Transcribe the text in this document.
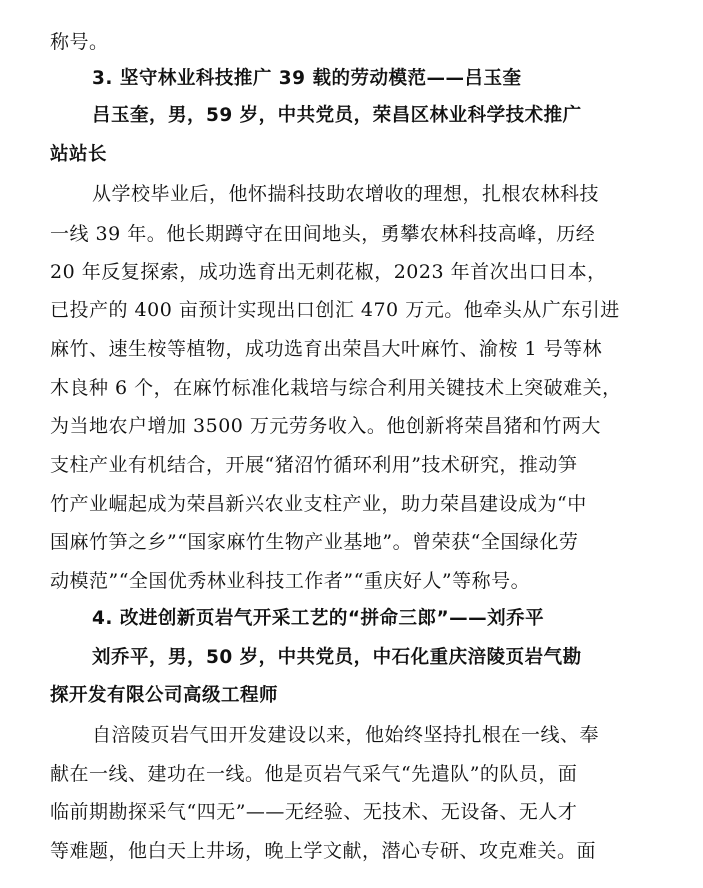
称号。
3. 坚守林业科技推广 39 载的劳动模范——吕玉奎
吕玉奎，男，59 岁，中共党员，荣昌区林业科学技术推广
站站长
从学校毕业后，他怀揣科技助农增收的理想，扎根农林科技
一线 39 年。他长期蹲守在田间地头，勇攀农林科技高峰，历经
20 年反复探索，成功选育出无刺花椒，2023 年首次出口日本，
已投产的 400 亩预计实现出口创汇 470 万元。他牵头从广东引进
麻竹、速生桉等植物，成功选育出荣昌大叶麻竹、渝桉 1 号等林
木良种 6 个，在麻竹标准化栽培与综合利用关键技术上突破难关，
为当地农户增加 3500 万元劳务收入。他创新将荣昌猪和竹两大
支柱产业有机结合，开展“猪沼竹循环利用”技术研究，推动笋
竹产业崛起成为荣昌新兴农业支柱产业，助力荣昌建设成为“中
国麻竹笋之乡”“国家麻竹生物产业基地”。曾荣获“全国绿化劳
动模范”“全国优秀林业科技工作者”“重庆好人”等称号。
4. 改进创新页岩气开采工艺的“拼命三郎”——刘乔平
刘乔平，男，50 岁，中共党员，中石化重庆涪陵页岩气勘
探开发有限公司高级工程师
自涪陵页岩气田开发建设以来，他始终坚持扎根在一线、奉
献在一线、建功在一线。他是页岩气采气“先遣队”的队员，面
临前期勘探采气“四无”——无经验、无技术、无设备、无人才
等难题，他白天上井场，晚上学文献，潜心专研、攻克难关。面
